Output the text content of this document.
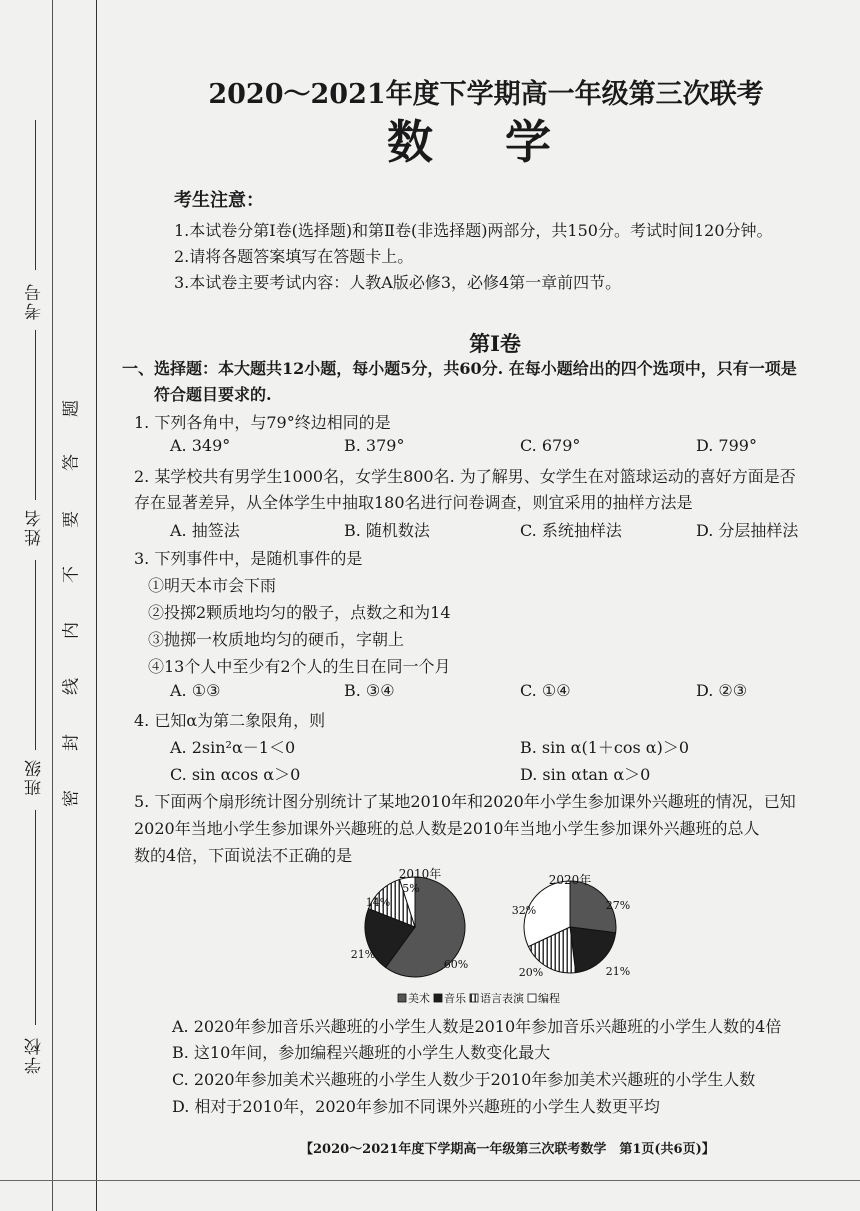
考号
姓名
班级
学校
题
答
要
不
内
线
封
密
2020～2021年度下学期高一年级第三次联考
数学
考生注意：
1.本试卷分第Ⅰ卷(选择题)和第Ⅱ卷(非选择题)两部分，共150分。考试时间120分钟。
2.请将各题答案填写在答题卡上。
3.本试卷主要考试内容：人教A版必修3，必修4第一章前四节。
第Ⅰ卷
一、选择题：本大题共12小题，每小题5分，共60分. 在每小题给出的四个选项中，只有一项是
符合题目要求的.
1. 下列各角中，与79°终边相同的是
A. 349°	B. 379°	C. 679°	D. 799°
2. 某学校共有男学生1000名，女学生800名. 为了解男、女学生在对篮球运动的喜好方面是否
存在显著差异，从全体学生中抽取180名进行问卷调查，则宜采用的抽样方法是
A. 抽签法	B. 随机数法	C. 系统抽样法	D. 分层抽样法
3. 下列事件中，是随机事件的是
①明天本市会下雨
②投掷2颗质地均匀的骰子，点数之和为14
③抛掷一枚质地均匀的硬币，字朝上
④13个人中至少有2个人的生日在同一个月
A. ①③	B. ③④	C. ①④	D. ②③
4. 已知α为第二象限角，则
A. 2sin²α－1＜0	B. sin α(1＋cos α)＞0
C. sin αcos α＞0	D. sin αtan α＞0
5. 下面两个扇形统计图分别统计了某地2010年和2020年小学生参加课外兴趣班的情况，已知
2020年当地小学生参加课外兴趣班的总人数是2010年当地小学生参加课外兴趣班的总人
数的4倍，下面说法不正确的是
60%
21%
14%
5%
2010年
27%
21%
20%
32%
2020年
美术 音乐 语言表演 编程
A. 2020年参加音乐兴趣班的小学生人数是2010年参加音乐兴趣班的小学生人数的4倍
B. 这10年间，参加编程兴趣班的小学生人数变化最大
C. 2020年参加美术兴趣班的小学生人数少于2010年参加美术兴趣班的小学生人数
D. 相对于2010年，2020年参加不同课外兴趣班的小学生人数更平均
【2020～2021年度下学期高一年级第三次联考数学　第1页(共6页)】
